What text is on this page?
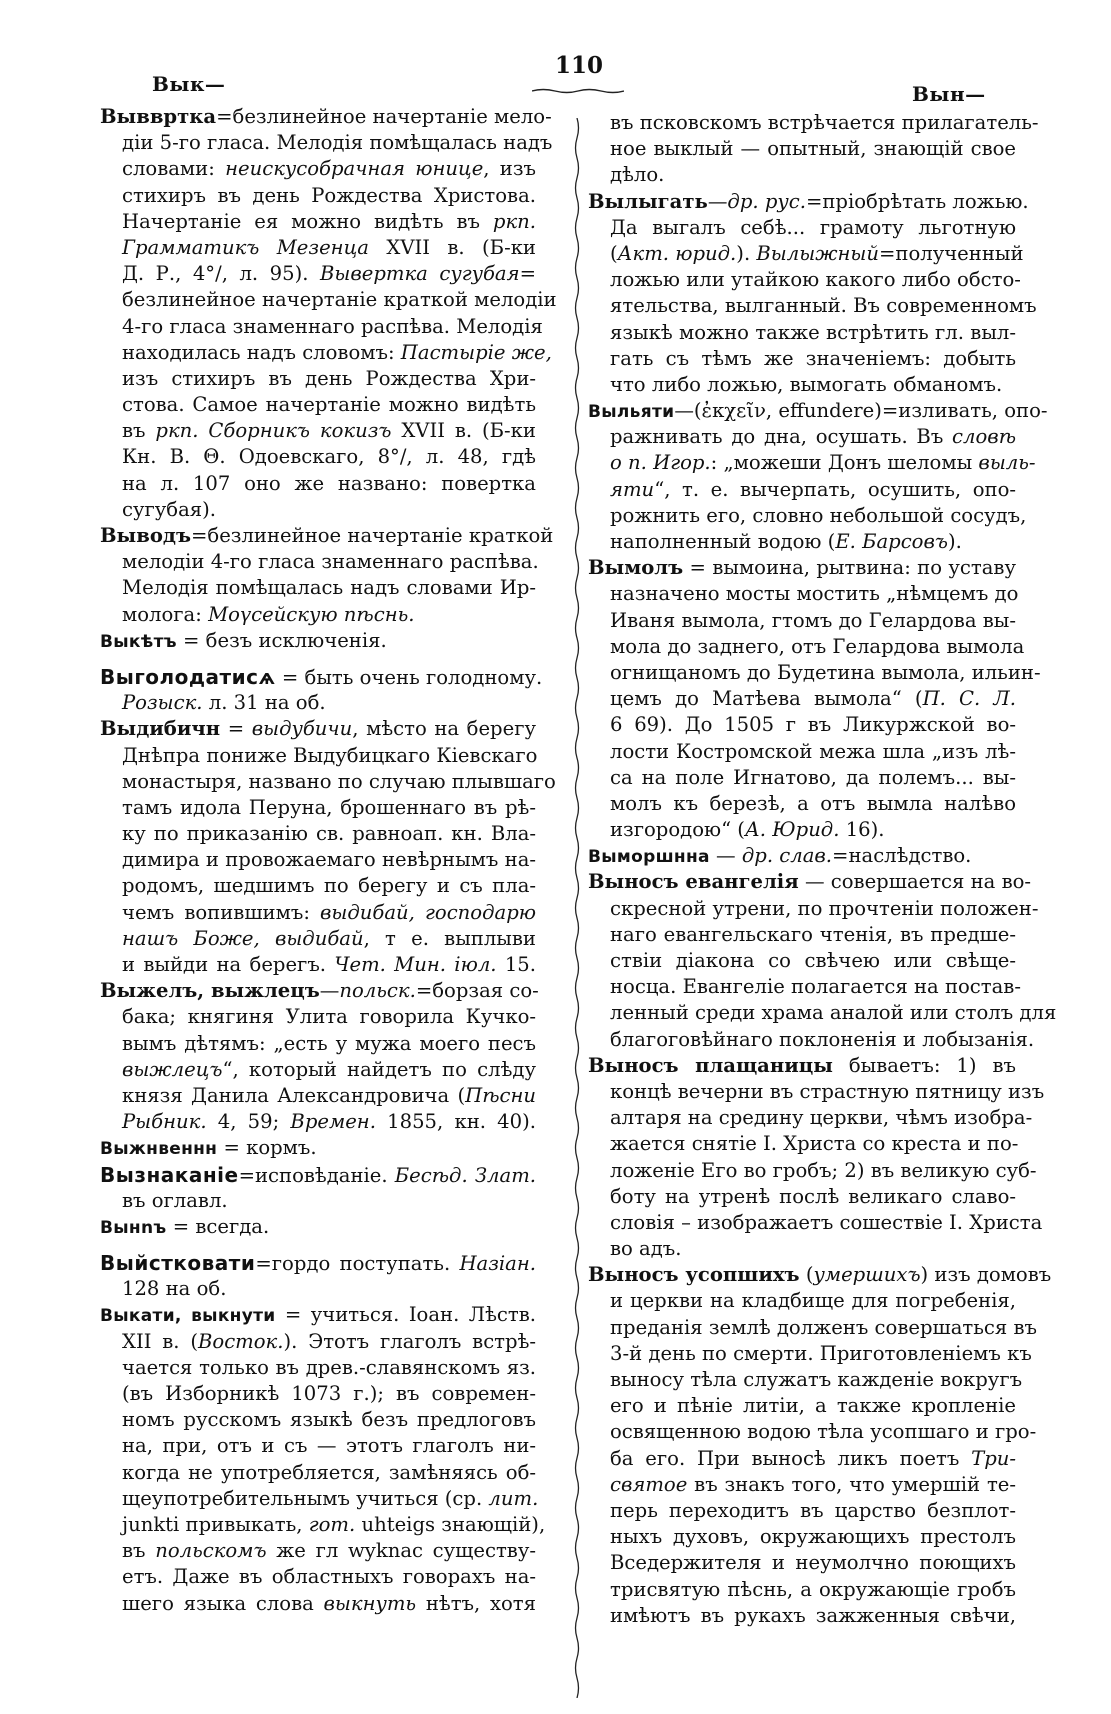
Вык—
110
Вын—
Выввртка=безлинейное начертаніе мело-
діи 5-го гласа. Мелодія помѣщалась надъ
словами: неискусобрачная юнице, изъ
стихиръ въ день Рождества Христова.
Начертаніе ея можно видѣть въ ркп.
Грамматикъ Мезенца XVII в. (Б-ки
Д. Р., 4°/, л. 95). Вывертка сугубая=
безлинейное начертаніе краткой мелодіи
4-го гласа знаменнаго распѣва. Мелодія
находилась надъ словомъ: Пастыріе же,
изъ стихиръ въ день Рождества Хри-
стова. Самое начертаніе можно видѣть
въ ркп. Сборникъ кокизъ XVII в. (Б-ки
Кн. В. Θ. Одоевскаго, 8°/, л. 48, гдѣ
на л. 107 оно же названо: повертка
сугубая).
Выводъ=безлинейное начертаніе краткой
мелодіи 4-го гласа знаменнаго распѣва.
Мелодія помѣщалась надъ словами Ир-
молога: Моүсейскую пѣснь.
Выкѣтъ = безъ исключенія.
Выголодатисѧ = быть очень голодному.
Розыск. л. 31 на об.
Выдибичн = выдубичи, мѣсто на берегу
Днѣпра пониже Выдубицкаго Кіевскаго
монастыря, названо по случаю плывшаго
тамъ идола Перуна, брошеннаго въ рѣ-
ку по приказанію св. равноап. кн. Вла-
димира и провожаемаго невѣрнымъ на-
родомъ, шедшимъ по берегу и съ пла-
чемъ вопившимъ: выдибай, господарю
нашъ Боже, выдибай, т е. выплыви
и выйди на берегъ. Чет. Мин. іюл. 15.
Выжелъ, выжлецъ—польск.=борзая со-
бака; княгиня Улита говорила Кучко-
вымъ дѣтямъ: „есть у мужа моего песъ
выжлецъ“, который найдетъ по слѣду
князя Данила Александровича (Пѣсни
Рыбник. 4, 59; Времен. 1855, кн. 40).
Выжнвеннн = кормъ.
Вызнаканіе=исповѣданіе. Бесѣд. Злат.
въ оглавл.
Вынnъ = всегда.
Выйстковати=гордо поступать. Назіан.
128 на об.
Выкати, выкнути = учиться. Іоан. Лѣств.
XII в. (Восток.). Этотъ глаголъ встрѣ-
чается только въ древ.-славянскомъ яз.
(въ Изборникѣ 1073 г.); въ современ-
номъ русскомъ языкѣ безъ предлоговъ
на, при, отъ и съ — этотъ глаголъ ни-
когда не употребляется, замѣняясь об-
щеупотребительнымъ учиться (ср. лит.
junkti привыкать, гот. uhteigs знающій),
въ польскомъ же гл wyknac существу-
етъ. Даже въ областныхъ говорахъ на-
шего языка слова выкнуть нѣтъ, хотя
въ псковскомъ встрѣчается прилагатель-
ное выклый — опытный, знающій свое
дѣло.
Вылыгать—др. рус.=пріобрѣтать ложью.
Да выгалъ себѣ... грамоту льготную
(Акт. юрид.). Вылыжный=полученный
ложью или утайкою какого либо обсто-
ятельства, вылганный. Въ современномъ
языкѣ можно также встрѣтить гл. выл-
гать съ тѣмъ же значеніемъ: добыть
что либо ложью, вымогать обманомъ.
Выльяти—(ἐκχεῖν, effundere)=изливать, опо-
ражнивать до дна, осушать. Въ словѣ
о п. Игор.: „можеши Донъ шеломы выль-
яти“, т. е. вычерпать, осушить, опо-
рожнить его, словно небольшой сосудъ,
наполненный водою (Е. Барсовъ).
Вымолъ = вымоина, рытвина: по уставу
назначено мосты мостить „нѣмцемъ до
Иваня вымола, гтомъ до Гелардова вы-
мола до заднего, отъ Гелардова вымола
огнищаномъ до Будетина вымола, ильин-
цемъ до Матѣева вымола“ (П. С. Л.
6 69). До 1505 г въ Ликуржской во-
лости Костромской межа шла „изъ лѣ-
са на поле Игнатово, да полемъ... вы-
молъ къ березѣ, а отъ вымла налѣво
изгородою“ (А. Юрид. 16).
Выморшнна — др. слав.=наслѣдство.
Выносъ евангелія — совершается на во-
скресной утрени, по прочтеніи положен-
наго евангельскаго чтенія, въ предше-
ствіи діакона со свѣчею или свѣще-
носца. Евангеліе полагается на постав-
ленный среди храма аналой или столъ для
благоговѣйнаго поклоненія и лобызанія.
Выносъ плащаницы бываетъ: 1) въ
концѣ вечерни въ страстную пятницу изъ
алтаря на средину церкви, чѣмъ изобра-
жается снятіе І. Христа со креста и по-
ложеніе Его во гробъ; 2) въ великую суб-
боту на утренѣ послѣ великаго славо-
словія – изображаетъ сошествіе І. Христа
во адъ.
Выносъ усопшихъ (умершихъ) изъ домовъ
и церкви на кладбище для погребенія,
преданія землѣ долженъ совершаться въ
3-й день по смерти. Приготовленіемъ къ
выносу тѣла служатъ кажденіе вокругъ
его и пѣніе литіи, а также кропленіе
освященною водою тѣла усопшаго и гро-
ба его. При выносѣ ликъ поетъ Три-
святое въ знакъ того, что умершій те-
перь переходитъ въ царство безплот-
ныхъ духовъ, окружающихъ престолъ
Вседержителя и неумолчно поющихъ
трисвятую пѣснь, а окружающіе гробъ
имѣютъ въ рукахъ зажженныя свѣчи,
